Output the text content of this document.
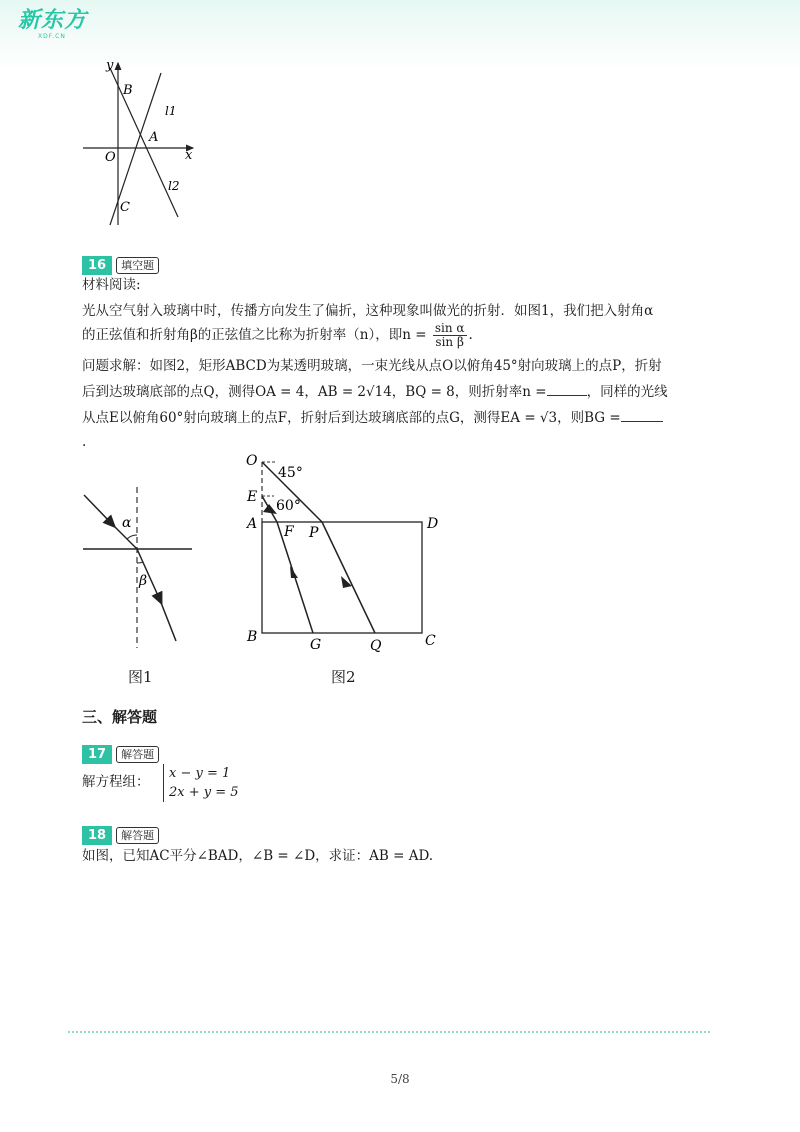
新东方
XDF.CN
y
B
l1
A
O	x
l2
C
16	填空题
材料阅读:
光从空气射入玻璃中时，传播方向发生了偏折，这种现象叫做光的折射．如图1，我们把入射角α
的正弦值和折射角β的正弦值之比称为折射率（n），即$n = \frac{\text{sin α}}{\text{sin β}}$ .
问题求解：如图2，矩形ABCD为某透明玻璃，一束光线从点O以俯角45°射向玻璃上的点P，折射
后到达玻璃底部的点Q，测得OA = 4，AB = 2√14，BQ = 8，则折射率n =	，同样的光线
从点E以俯角60°射向玻璃上的点F，折射后到达玻璃底部的点G，测得EA = √3，则BG =
.
α
β
图1
O
45°
E
60°
A F P
D
B	G	Q	C
图2
三、解答题
17	解答题
解方程组：
x − y = 1
2x + y = 5
18	解答题
如图，已知AC平分∠BAD，∠B = ∠D，求证：AB = AD.
5/8
